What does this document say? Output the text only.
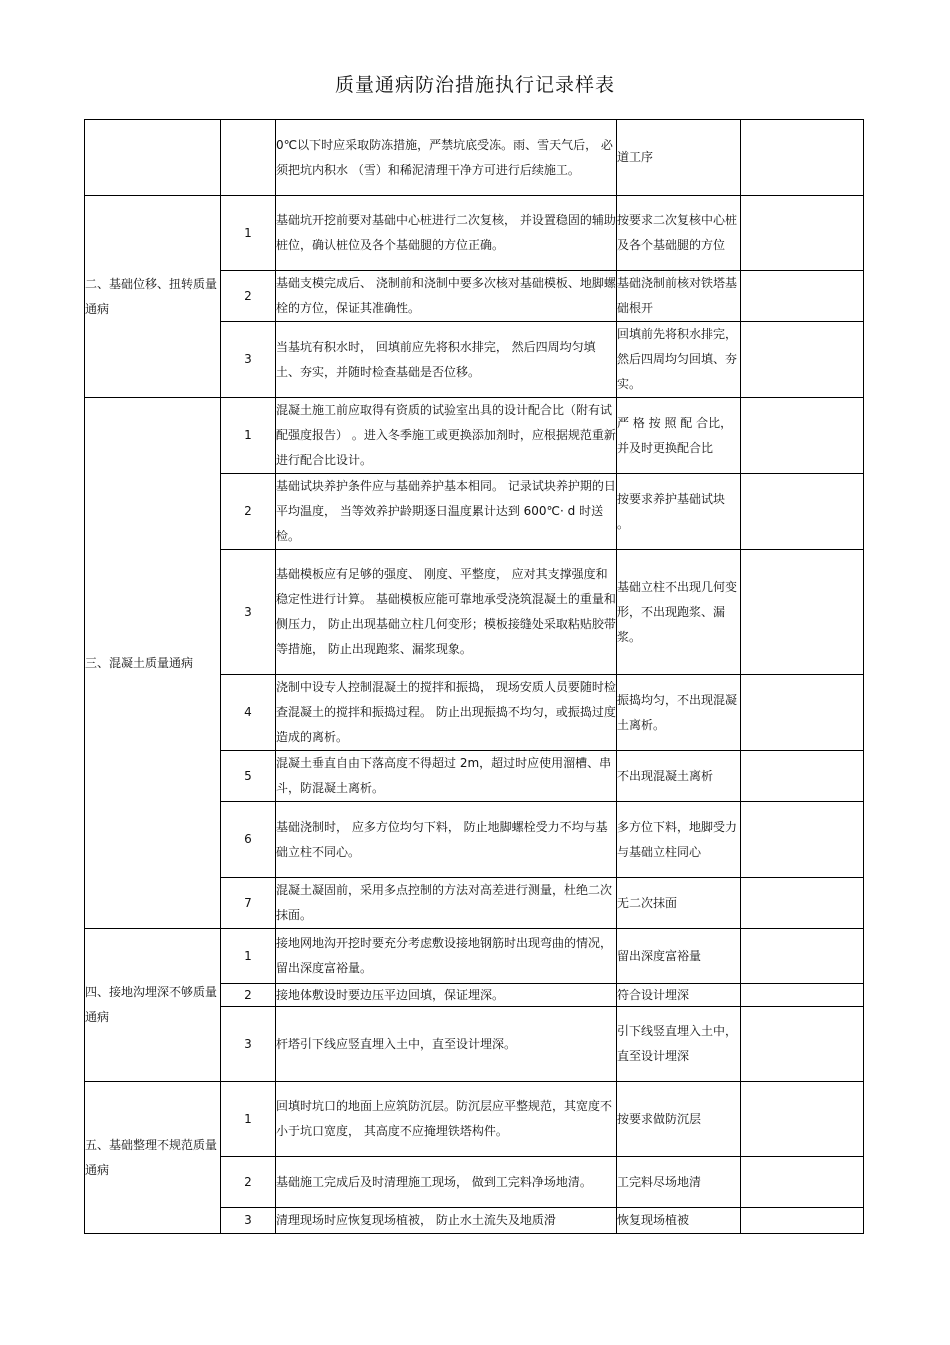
质量通病防治措施执行记录样表
		0℃以下时应采取防冻措施，严禁坑底受冻。雨、雪天气后， 必须把坑内积水 （雪）和稀泥清理干净方可进行后续施工。	道工序	
二、基础位移、扭转质量通病	1	基础坑开挖前要对基础中心桩进行二次复核， 并设置稳固的辅助桩位，确认桩位及各个基础腿的方位正确。	按要求二次复核中心桩及各个基础腿的方位	
	2	基础支模完成后、 浇制前和浇制中要多次核对基础模板、地脚螺栓的方位，保证其准确性。	基础浇制前核对铁塔基础根开	
	3	当基坑有积水时， 回填前应先将积水排完， 然后四周均匀填土、夯实，并随时检查基础是否位移。	回填前先将积水排完，然后四周均匀回填、夯实。	
三、混凝土质量通病	1	混凝土施工前应取得有资质的试验室出具的设计配合比（附有试配强度报告） 。进入冬季施工或更换添加剂时，应根据规范重新进行配合比设计。	严 格 按 照 配 合比，并及时更换配合比	
	2	基础试块养护条件应与基础养护基本相同。 记录试块养护期的日平均温度， 当等效养护龄期逐日温度累计达到 600℃· d 时送检。	按要求养护基础试块 。	
	3	基础模板应有足够的强度、 刚度、平整度， 应对其支撑强度和稳定性进行计算。 基础模板应能可靠地承受浇筑混凝土的重量和侧压力， 防止出现基础立柱几何变形；模板接缝处采取粘贴胶带等措施， 防止出现跑浆、漏浆现象。	基础立柱不出现几何变形，不出现跑浆、漏浆。	
	4	浇制中设专人控制混凝土的搅拌和振捣， 现场安质人员要随时检查混凝土的搅拌和振捣过程。 防止出现振捣不均匀，或振捣过度造成的离析。	振捣均匀，不出现混凝土离析。	
	5	混凝土垂直自由下落高度不得超过 2m，超过时应使用溜槽、串斗，防混凝土离析。	不出现混凝土离析	
	6	基础浇制时， 应多方位均匀下料， 防止地脚螺栓受力不均与基础立柱不同心。	多方位下料，地脚受力与基础立柱同心	
	7	混凝土凝固前，采用多点控制的方法对高差进行测量，杜绝二次抹面。	无二次抹面	
四、接地沟埋深不够质量通病	1	接地网地沟开挖时要充分考虑敷设接地钢筋时出现弯曲的情况，留出深度富裕量。	留出深度富裕量	
	2	接地体敷设时要边压平边回填，保证埋深。	符合设计埋深	
	3	杆塔引下线应竖直埋入土中，直至设计埋深。	引下线竖直埋入土中，直至设计埋深	
五、基础整理不规范质量通病	1	回填时坑口的地面上应筑防沉层。防沉层应平整规范，其宽度不小于坑口宽度， 其高度不应掩埋铁塔构件。	按要求做防沉层	
	2	基础施工完成后及时清理施工现场， 做到工完料净场地清。	工完料尽场地清	
	3	清理现场时应恢复现场植被， 防止水土流失及地质滑	恢复现场植被	
